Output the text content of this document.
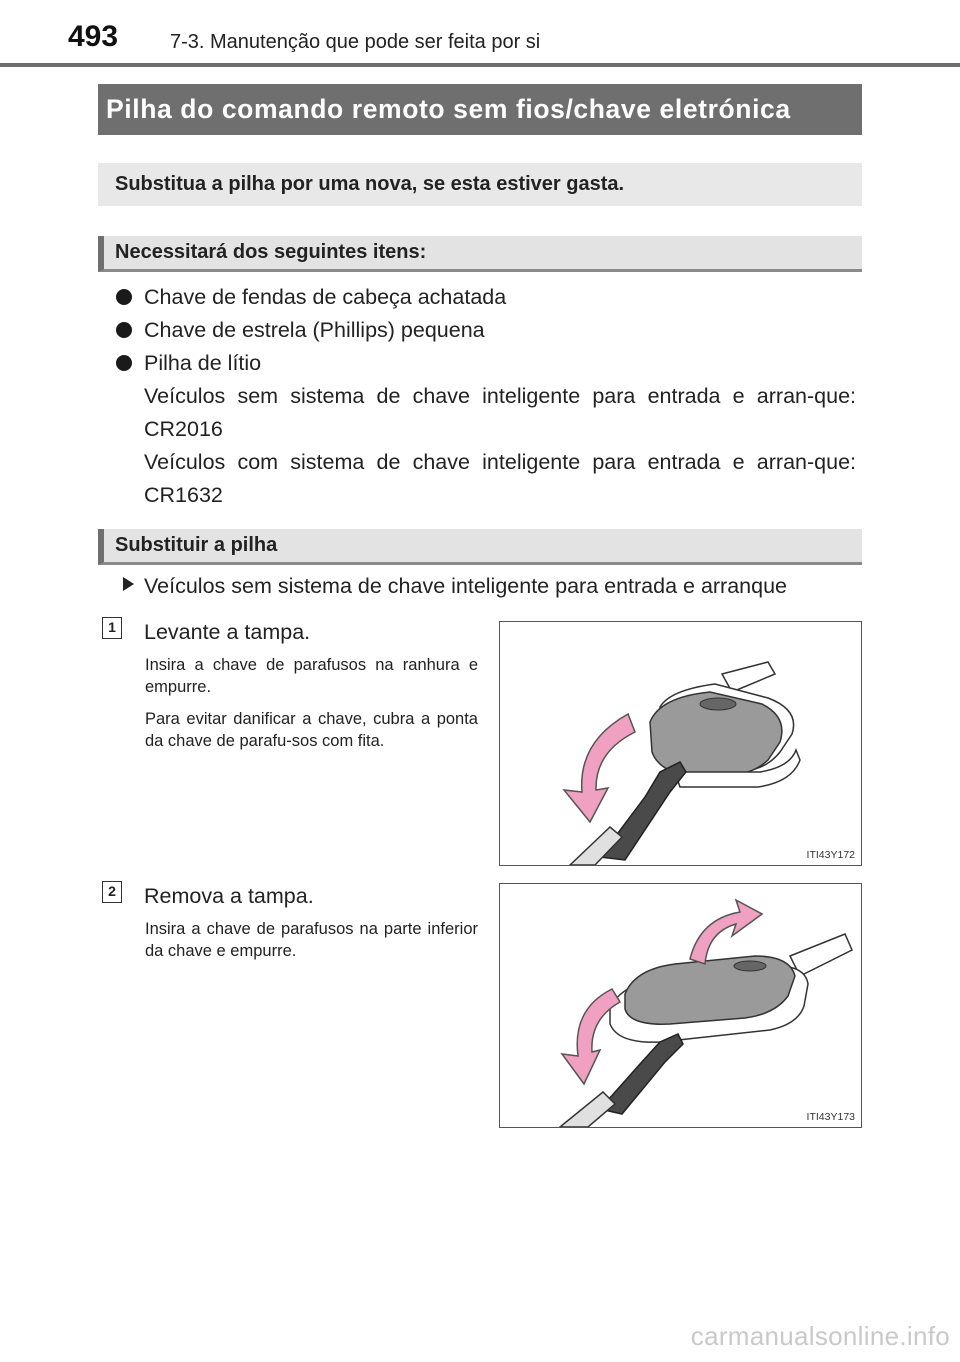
493	7-3. Manutenção que pode ser feita por si
Pilha do comando remoto sem fios/chave eletrónica
Substitua a pilha por uma nova, se esta estiver gasta.
Necessitará dos seguintes itens:

Chave de fendas de cabeça achatada

Chave de estrela (Phillips) pequena

Pilha de lítio

Veículos sem sistema de chave inteligente para entrada e arran-que: CR2016

Veículos com sistema de chave inteligente para entrada e arran-que: CR1632

Substituir a pilha
Veículos sem sistema de chave inteligente para entrada e arranque
1 Levante a tampa.

Insira a chave de parafusos na ranhura e empurre.

Para evitar danificar a chave, cubra a ponta da chave de parafu-sos com fita.

ITI43Y172
2 Remova a tampa.

Insira a chave de parafusos na parte inferior da chave e empurre.

ITI43Y173
carmanualsonline.info
